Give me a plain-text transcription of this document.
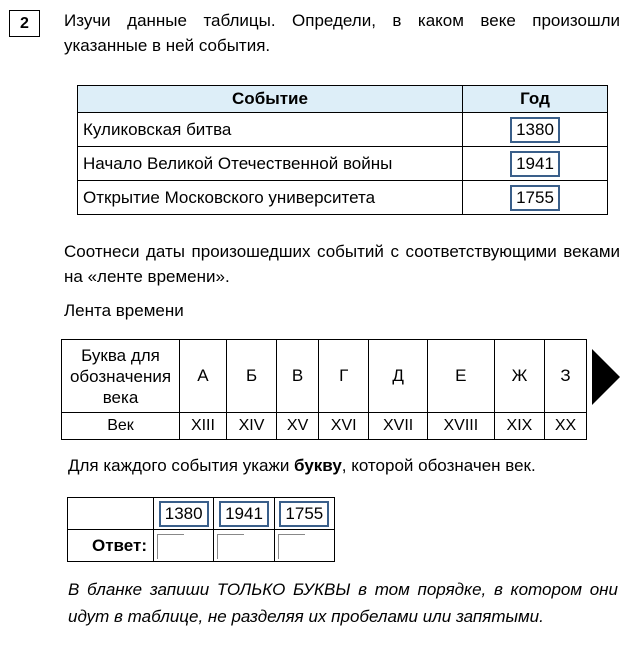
2	Изучи данные таблицы. Определи, в каком веке произошли указанные в ней события.
Событие	Год
Куликовская битва	1380
Начало Великой Отечественной войны	1941
Открытие Московского университета	1755
Соотнеси даты произошедших событий с соответствующими веками на «ленте времени».
Лента времени
Буква для
обозначения
века	А	Б	В	Г	Д	Е	Ж	З
Век	XIII	XIV	XV	XVI	XVII	XVIII	XIX	XX
Для каждого события укажи букву, которой обозначен век.
	1380	1941	1755
Ответ:			
В бланке запиши ТОЛЬКО БУКВЫ в том порядке, в котором они идут в таблице, не разделяя их пробелами или запятыми.
